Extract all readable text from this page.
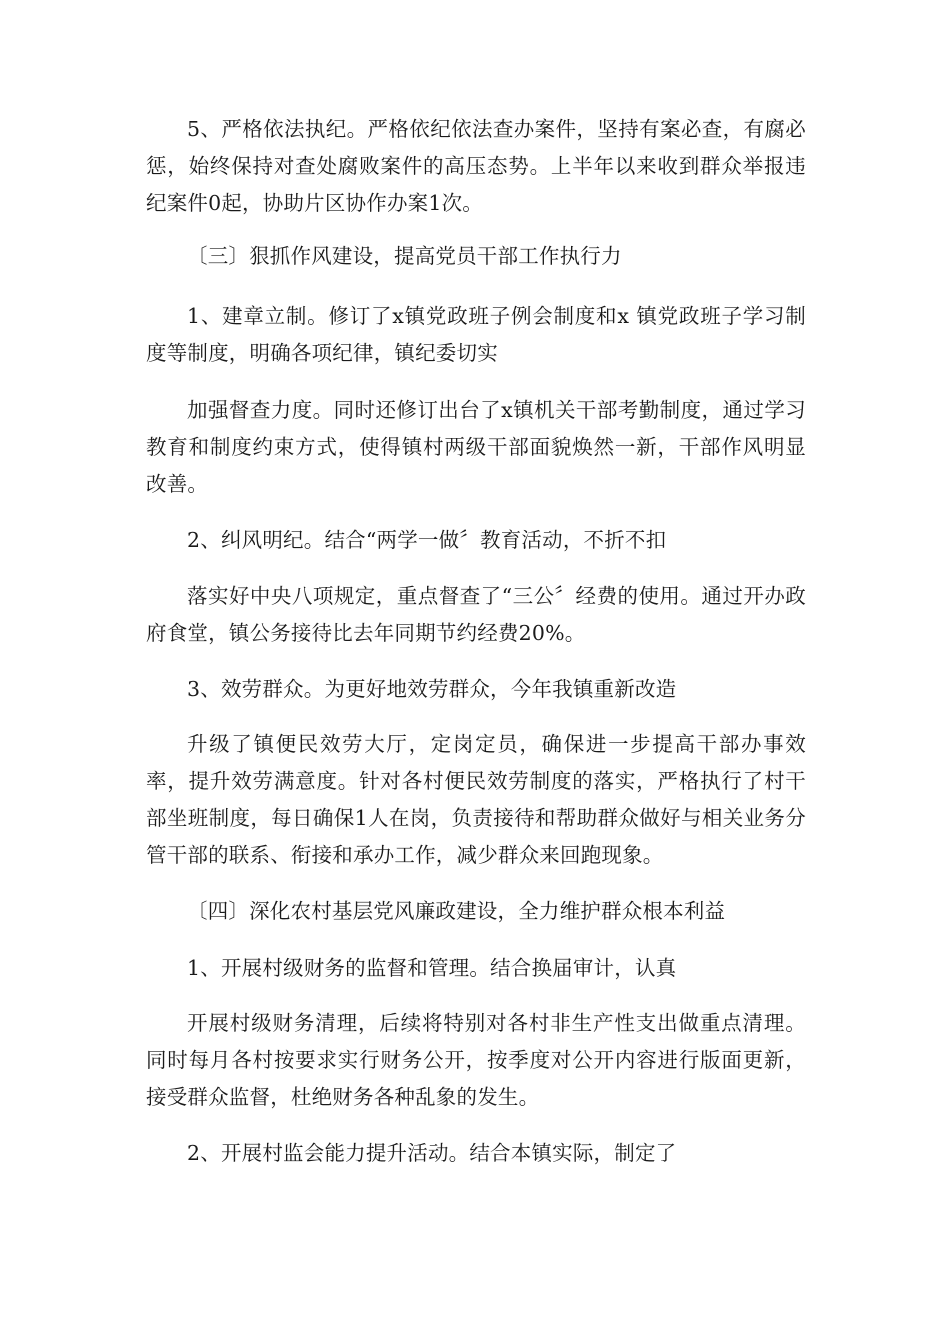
5、严格依法执纪。严格依纪依法查办案件，坚持有案必查，有腐必惩，始终保持对查处腐败案件的高压态势。上半年以来收到群众举报违纪案件0起，协助片区协作办案1次。

〔三〕狠抓作风建设，提高党员干部工作执行力

1、建章立制。修订了x镇党政班子例会制度和x 镇党政班子学习制度等制度，明确各项纪律，镇纪委切实

加强督查力度。同时还修订出台了x镇机关干部考勤制度，通过学习教育和制度约束方式，使得镇村两级干部面貌焕然一新，干部作风明显改善。

2、纠风明纪。结合“两学一做〞教育活动，不折不扣

落实好中央八项规定，重点督查了“三公〞经费的使用。通过开办政府食堂，镇公务接待比去年同期节约经费20%。

3、效劳群众。为更好地效劳群众，今年我镇重新改造

升级了镇便民效劳大厅，定岗定员，确保进一步提高干部办事效率，提升效劳满意度。针对各村便民效劳制度的落实，严格执行了村干部坐班制度，每日确保1人在岗，负责接待和帮助群众做好与相关业务分管干部的联系、衔接和承办工作，减少群众来回跑现象。

〔四〕深化农村基层党风廉政建设，全力维护群众根本利益

1、开展村级财务的监督和管理。结合换届审计，认真

开展村级财务清理，后续将特别对各村非生产性支出做重点清理。同时每月各村按要求实行财务公开，按季度对公开内容进行版面更新，接受群众监督，杜绝财务各种乱象的发生。

2、开展村监会能力提升活动。结合本镇实际，制定了
